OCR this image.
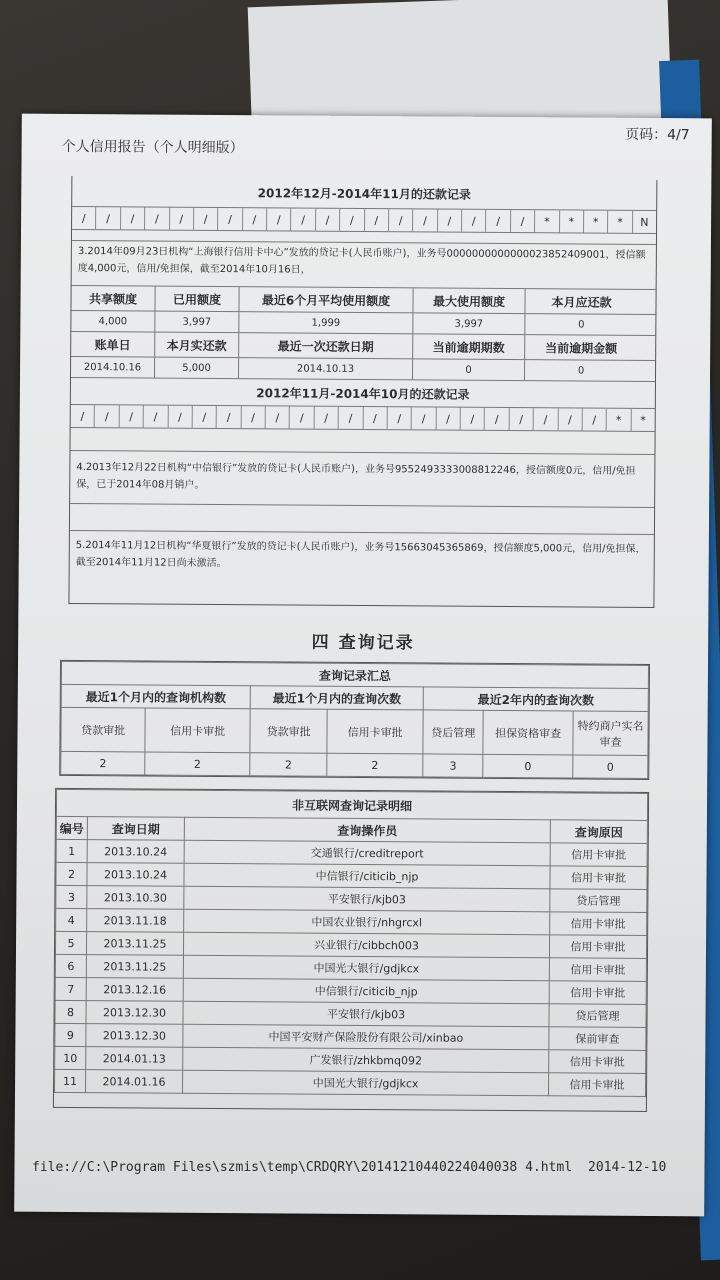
个人信用报告（个人明细版）
页码：4/7
2012年12月-2014年11月的还款记录
/	/	/	/	/	/	/	/	/	/	/	/	/	/	/	/	/	/	/	*	*	*	*	N
3.2014年09月23日机构“上海银行信用卡中心”发放的贷记卡(人民币账户)，业务号0000000000000023852409001，授信额度4,000元，信用/免担保，截至2014年10月16日，
共享额度	已用额度	最近6个月平均使用额度	最大使用额度	本月应还款
4,000	3,997	1,999	3,997	0
账单日	本月实还款	最近一次还款日期	当前逾期期数	当前逾期金额
2014.10.16	5,000	2014.10.13	0	0
2012年11月-2014年10月的还款记录
/	/	/	/	/	/	/	/	/	/	/	/	/	/	/	/	/	/	/	/	/	/	*	*
4.2013年12月22日机构“中信银行”发放的贷记卡(人民币账户)，业务号9552493333008812246，授信额度0元，信用/免担保，已于2014年08月销户。
5.2014年11月12日机构“华夏银行”发放的贷记卡(人民币账户)，业务号15663045365869，授信额度5,000元，信用/免担保，截至2014年11月12日尚未激活。
四 查询记录
查询记录汇总						
最近1个月内的查询机构数		最近1个月内的查询次数		最近2年内的查询次数		
贷款审批	信用卡审批	贷款审批	信用卡审批	贷后管理	担保资格审查	特约商户实名审查
2	2	2	2	3	0	0
非互联网查询记录明细			
编号	查询日期	查询操作员	查询原因
1	2013.10.24	交通银行/creditreport	信用卡审批
2	2013.10.24	中信银行/citicib_njp	信用卡审批
3	2013.10.30	平安银行/kjb03	贷后管理
4	2013.11.18	中国农业银行/nhgrcxl	信用卡审批
5	2013.11.25	兴业银行/cibbch003	信用卡审批
6	2013.11.25	中国光大银行/gdjkcx	信用卡审批
7	2013.12.16	中信银行/citicib_njp	信用卡审批
8	2013.12.30	平安银行/kjb03	贷后管理
9	2013.12.30	中国平安财产保险股份有限公司/xinbao	保前审查
10	2014.01.13	广发银行/zhkbmq092	信用卡审批
11	2014.01.16	中国光大银行/gdjkcx	信用卡审批

file://C:\Program Files\szmis\temp\CRDQRY\20141210440224040038 4.html 2014-12-10
